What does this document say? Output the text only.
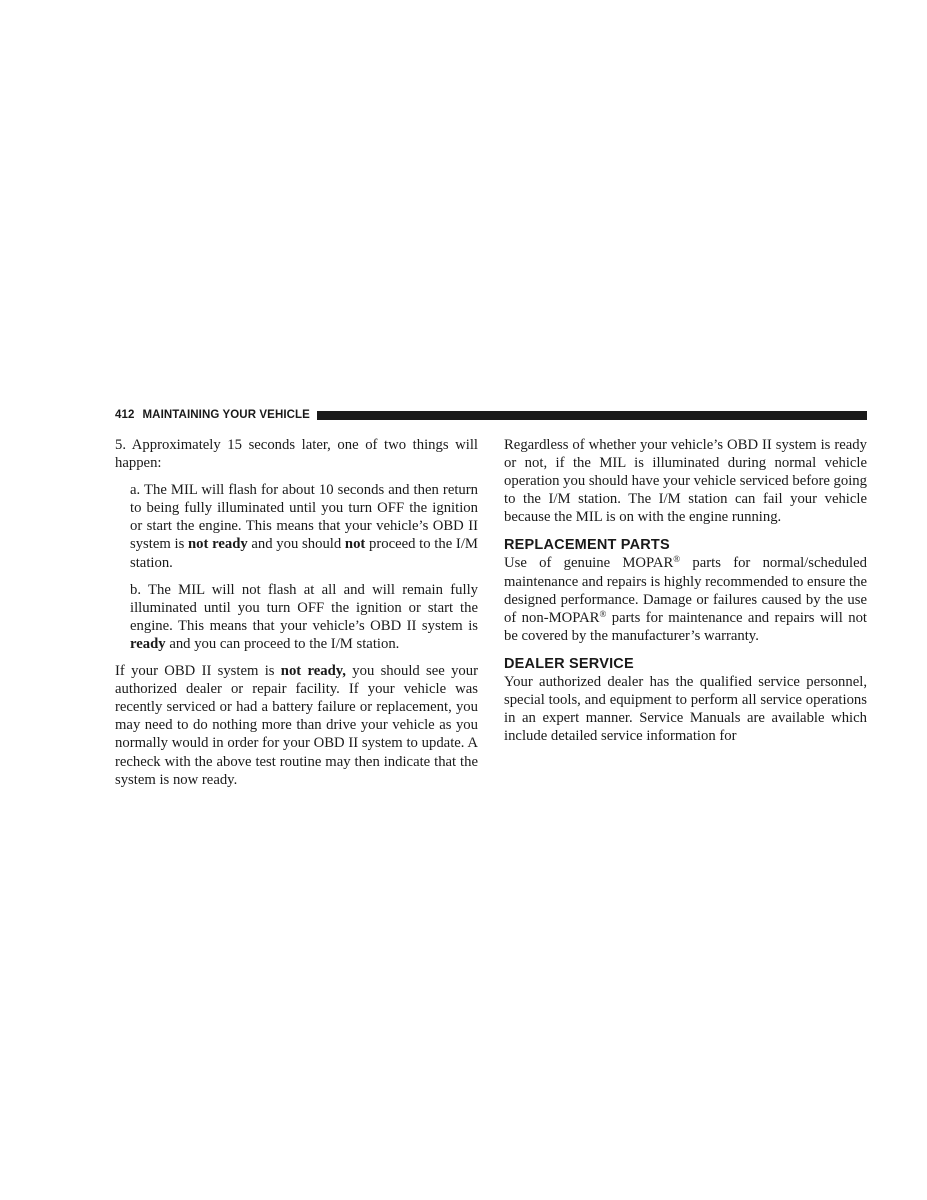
412 MAINTAINING YOUR VEHICLE

5. Approximately 15 seconds later, one of two things will happen:

a. The MIL will flash for about 10 seconds and then return to being fully illuminated until you turn OFF the ignition or start the engine. This means that your vehicle’s OBD II system is not ready and you should not proceed to the I/M station.

b. The MIL will not flash at all and will remain fully illuminated until you turn OFF the ignition or start the engine. This means that your vehicle’s OBD II system is ready and you can proceed to the I/M station.

If your OBD II system is not ready, you should see your authorized dealer or repair facility. If your vehicle was recently serviced or had a battery failure or replacement, you may need to do nothing more than drive your vehicle as you normally would in order for your OBD II system to update. A recheck with the above test routine may then indicate that the system is now ready.

Regardless of whether your vehicle’s OBD II system is ready or not, if the MIL is illuminated during normal vehicle operation you should have your vehicle serviced before going to the I/M station. The I/M station can fail your vehicle because the MIL is on with the engine running.

REPLACEMENT PARTS

Use of genuine MOPAR® parts for normal/scheduled maintenance and repairs is highly recommended to ensure the designed performance. Damage or failures caused by the use of non-MOPAR® parts for maintenance and repairs will not be covered by the manufacturer’s warranty.

DEALER SERVICE

Your authorized dealer has the qualified service personnel, special tools, and equipment to perform all service operations in an expert manner. Service Manuals are available which include detailed service information for
